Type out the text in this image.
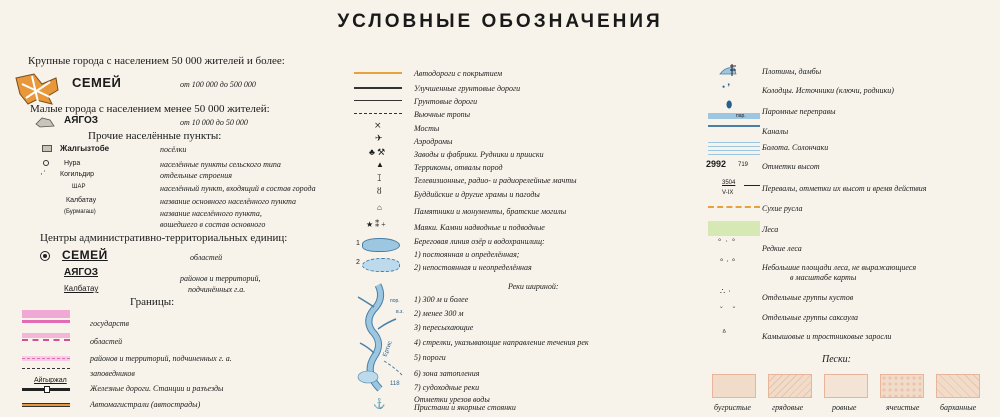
УСЛОВНЫЕ ОБОЗНАЧЕНИЯ
Крупные города с населением 50 000 жителей и более:
СЕМЕЙ	от 100 000 до 500 000
Малые города с населением менее 50 000 жителей:
АЯГОЗ	от 10 000 до 50 000
Прочие населённые пункты:
Жалгызтобе	посёлки
Нура	населённые пункты сельского типа
·˙ Когильдир	отдельные строения
ШАР	населённый пункт, входящий в состав города
Калбатау	название основного населённого пункта
(Бурмагаш)	название населённого пункта,
вошедшего в состав основного
Центры административно-территориальных единиц:
СЕМЕЙ	областей
АЯГОЗ
районов и территорий,
Калбатау	подчинённых г.а.
Границы:
государств
областей
районов и территорий, подчиненных г. а.
заповедников
Айгыржал
Железные дороги. Станции и разъезды
Автомагистрали (автострады)
Автодороги с покрытием
Улучшенные грунтовые дороги
Грунтовые дороги
Вьючные тропы
⨯	Мосты
✈	Аэродромы
♣ ⚒	Заводы и фабрики. Рудники и прииски
▲	Терриконы, отвалы пород
ꕯ	Телевизионные, радио- и радиорелейные мачты
ȣ	Буддийские и другие храмы и пагоды
⌂	Памятники и монументы, братские могилы
★ ⁑ +	Маяки. Камни надводные и подводные
1
2
Береговая линия озёр и водохранилищ:
1) постоянная и определённая;
2) непостоянная и неопределённая
пор.
в.з.
Ертис
118
Реки шириной:
1) 300 м и более
2) менее 300 м
3) пересыхающие
4) стрелки, указывающие направление течения рек
5) пороги
6) зона затопления
7) судоходные реки
Отметки урезов воды
⚓	Пристани и якорные стоянки
Плотины, дамбы
• ❜	Колодцы. Источники (ключи, родники)
⬮
Паромные переправы
пар.
Каналы
Болота. Солончаки
2992 719 Отметки высот
3504
V-IX	Перевалы, отметки их высот и время действия
Сухие русла
Леса
°·°
Редкие леса
°·°
Небольшие площади леса, не выражающиеся
в масштабе карты
∴·
Отдельные группы кустов
˘ ˘
Отдельные группы саксаула
ᐞ	Камышовые и тростниковые заросли
Пески:
бугристые	грядовые	ровные	ячеистые	барханные
